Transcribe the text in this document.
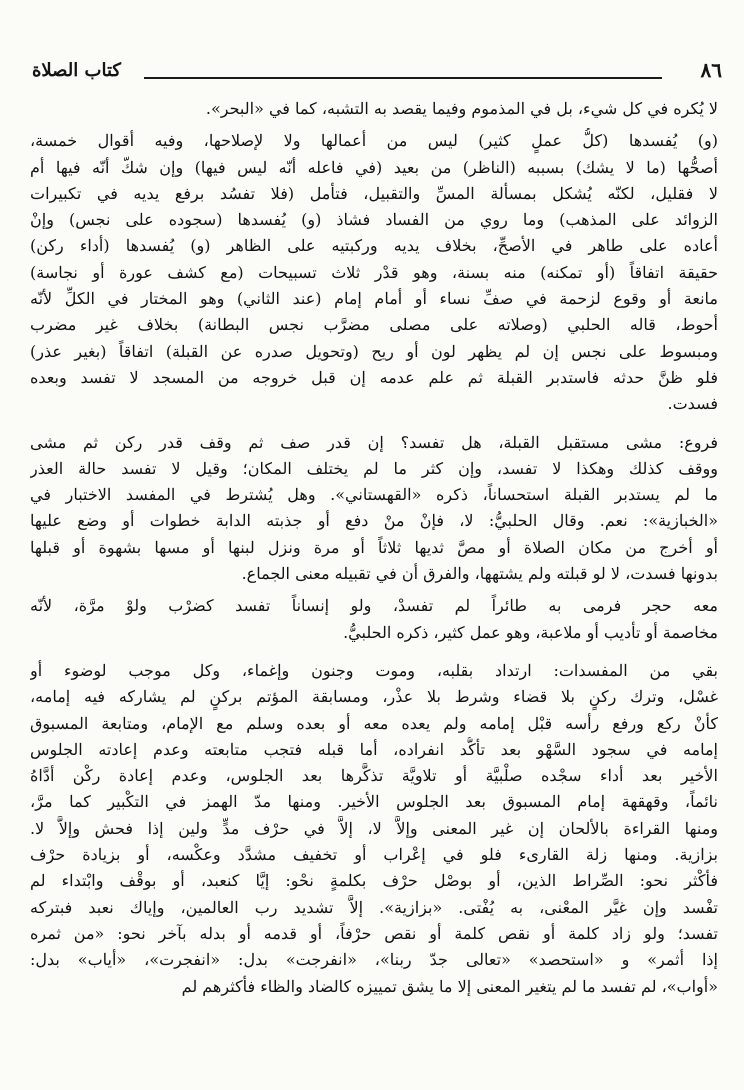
٨٦
كتاب الصلاة
لا يُكره في كل شيء، بل في المذموم وفيما يقصد به التشبه، كما في «البحر».
(و) يُفسدها (كلُّ عملٍ كثير) ليس من أعمالها ولا لإصلاحها، وفيه أقوال خمسة،
أصحُّها (ما لا يشك) بسببه (الناظر) من بعيد (في فاعله أنّه ليس فيها) وإن شكّ أنّه فيها أم
لا فقليل، لكنّه يُشكل بمسألة المسِّ والتقبيل، فتأمل (فلا تفسُد برفع يديه في تكبيرات
الزوائد على المذهب) وما روي من الفساد فشاذ (و) يُفسدها (سجوده على نجس) وإنْ
أعاده على طاهر في الأصحِّ، بخلاف يديه وركبتيه على الظاهر (و) يُفسدها (أداء ركن)
حقيقة اتفاقاً (أو تمكنه) منه بسنة، وهو قدْر ثلاث تسبيحات (مع كشف عورة أو نجاسة)
مانعة أو وقوع لزحمة في صفِّ نساء أو أمام إمام (عند الثاني) وهو المختار في الكلِّ لأنّه
أحوط، قاله الحلبي (وصلاته على مصلى مضرَّب نجس البطانة) بخلاف غير مضرب
ومبسوط على نجس إن لم يظهر لون أو ريح (وتحويل صدره عن القبلة) اتفاقاً (بغير عذر)
فلو ظنَّ حدثه فاستدبر القبلة ثم علم عدمه إن قبل خروجه من المسجد لا تفسد وبعده
فسدت.
فروع: مشى مستقبل القبلة، هل تفسد؟ إن قدر صف ثم وقف قدر ركن ثم مشى
ووقف كذلك وهكذا لا تفسد، وإن كثر ما لم يختلف المكان؛ وقيل لا تفسد حالة العذر
ما لم يستدبر القبلة استحساناً، ذكره «القهستاني». وهل يُشترط في المفسد الاختبار في
«الخبازية»: نعم. وقال الحلبيُّ: لا، فإنْ منْ دفع أو جذبته الدابة خطوات أو وضع عليها
أو أخرج من مكان الصلاة أو مصَّ ثديها ثلاثاً أو مرة ونزل لبنها أو مسها بشهوة أو قبلها
بدونها فسدت، لا لو قبلته ولم يشتهها، والفرق أن في تقبيله معنى الجماع.
معه حجر فرمى به طائراً لم تفسدْ، ولو إنساناً تفسد كضرْب ولوْ مرَّة، لأنّه
مخاصمة أو تأديب أو ملاعبة، وهو عمل كثير، ذكره الحلبيُّ.
بقي من المفسدات: ارتداد بقلبه، وموت وجنون وإغماء، وكل موجب لوضوء أو
غسْل، وترك ركنٍ بلا قضاء وشرط بلا عذْر، ومسابقة المؤتم بركنٍ لم يشاركه فيه إمامه،
كأنْ ركع ورفع رأسه قبْل إمامه ولم يعده معه أو بعده وسلم مع الإمام، ومتابعة المسبوق
إمامه في سجود السَّهْو بعد تأكُّد انفراده، أما قبله فتجب متابعته وعدم إعادته الجلوس
الأخير بعد أداء سجْده صلْبيَّة أو تلاويَّة تذكَّرها بعد الجلوس، وعدم إعادة ركْن أدَّاهُ
نائماً، وقهقهة إمام المسبوق بعد الجلوس الأخير. ومنها مدّ الهمز في التكْبير كما مرَّ،
ومنها القراءة بالألحان إن غير المعنى وإلاَّ لا، إلاَّ في حرْف مدٍّ ولين إذا فحش وإلاَّ لا.
بزازية. ومنها زلة القارىء فلو في إعْراب أو تخفيف مشدَّد وعكْسه، أو بزيادة حرْف
فأكْثر نحو: الصِّراط الذين، أو بوصْل حرْف بكلمةٍ نحْو: إيَّا كنعبد، أو بوقْف وابْتداء لم
تفْسد وإن غيَّر المعْنى، به يُفْتى. «بزازية». إلاَّ تشديد رب العالمين، وإياك نعبد فبتركه
تفسد؛ ولو زاد كلمة أو نقص كلمة أو نقص حرْفاً، أو قدمه أو بدله بآخر نحو: «من ثمره
إذا أثمر» و «استحصد» «تعالى جدّ ربنا»، «انفرجت» بدل: «انفجرت»، «أياب» بدل:
«أواب»، لم تفسد ما لم يتغير المعنى إلا ما يشق تمييزه كالضاد والظاء فأكثرهم لم
